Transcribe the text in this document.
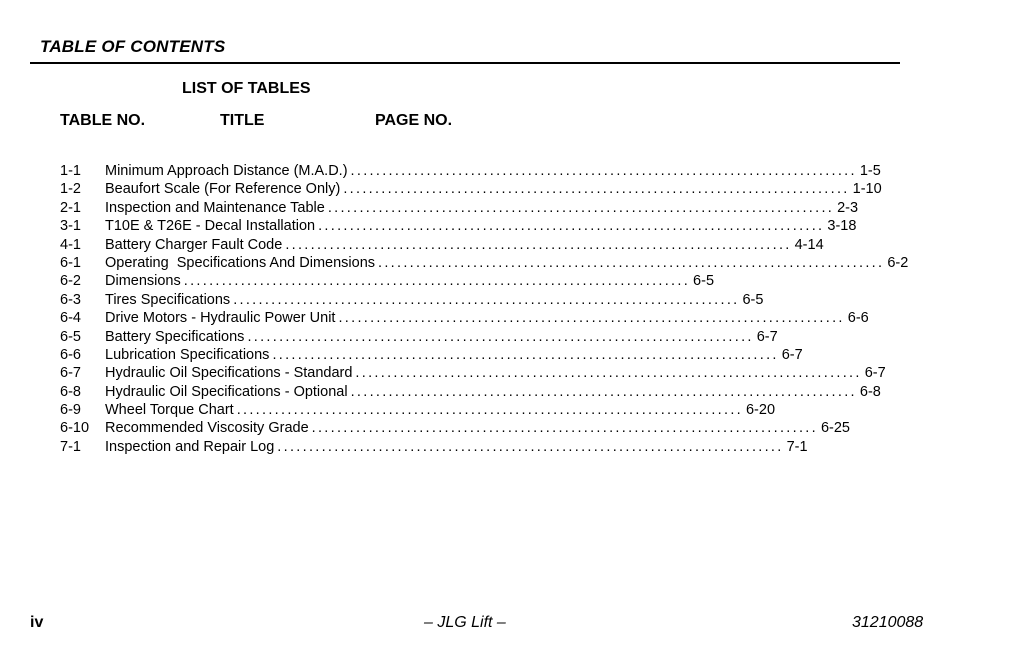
TABLE OF CONTENTS
LIST OF TABLES
TABLE NO.	TITLE	PAGE NO.
1-1	Minimum Approach Distance (M.A.D.) ................................................................................ 1-5
1-2	Beaufort Scale (For Reference Only) ................................................................................ 1-10
2-1	Inspection and Maintenance Table ................................................................................ 2-3
3-1	T10E & T26E - Decal Installation ................................................................................ 3-18
4-1	Battery Charger Fault Code ................................................................................ 4-14
6-1	Operating  Specifications And Dimensions ................................................................................ 6-2
6-2	Dimensions ................................................................................ 6-5
6-3	Tires Specifications ................................................................................ 6-5
6-4	Drive Motors - Hydraulic Power Unit ................................................................................ 6-6
6-5	Battery Specifications ................................................................................ 6-7
6-6	Lubrication Specifications ................................................................................ 6-7
6-7	Hydraulic Oil Specifications - Standard ................................................................................ 6-7
6-8	Hydraulic Oil Specifications - Optional ................................................................................ 6-8
6-9	Wheel Torque Chart ................................................................................ 6-20
6-10	Recommended Viscosity Grade ................................................................................ 6-25
7-1	Inspection and Repair Log ................................................................................ 7-1
iv	– JLG Lift –	31210088
